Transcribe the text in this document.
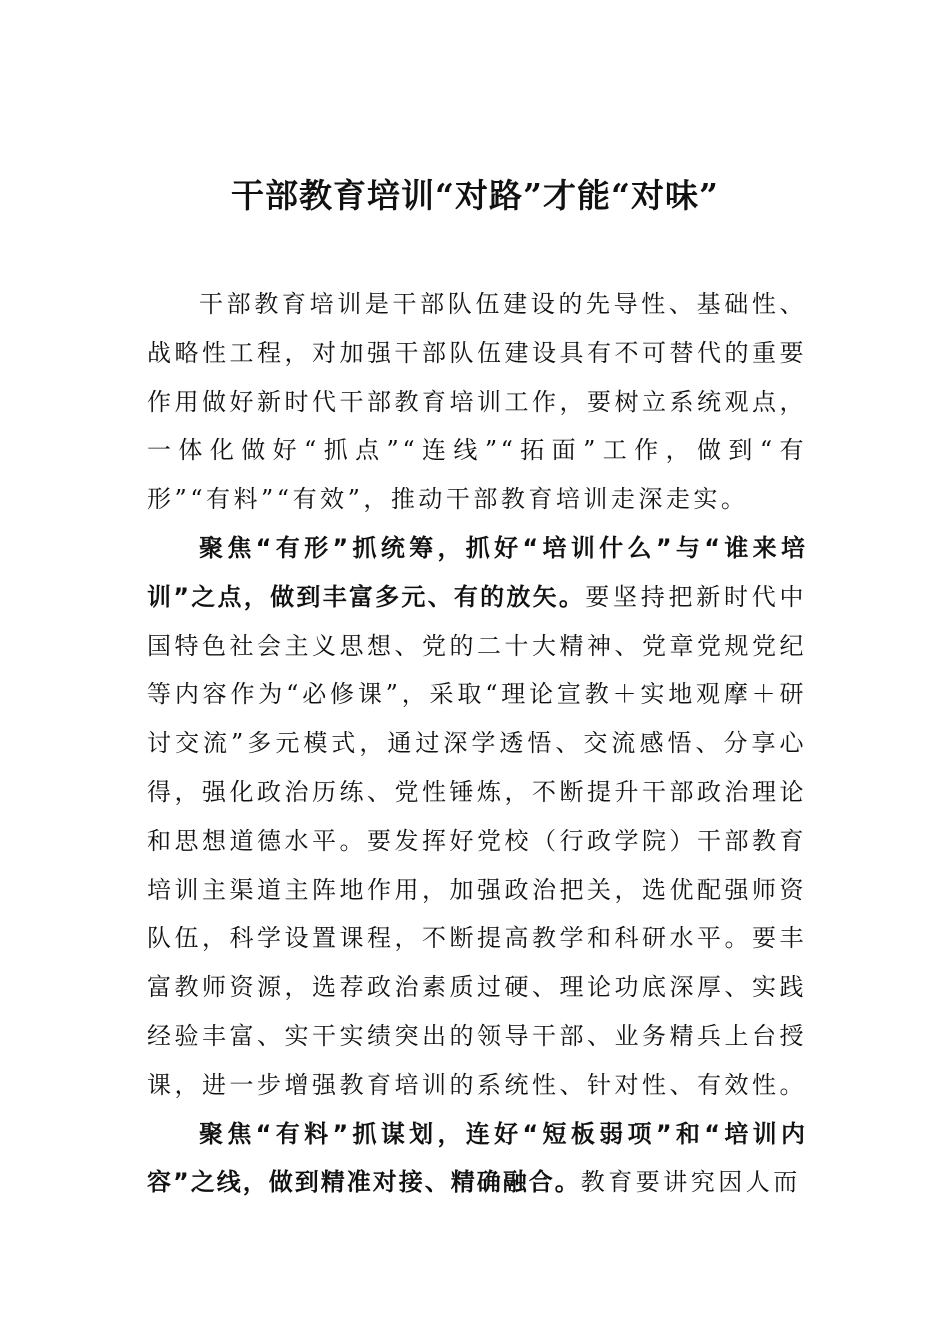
干部教育培训“对路”才能“对味”

干部教育培训是干部队伍建设的先导性、基础性、战略性工程，对加强干部队伍建设具有不可替代的重要作用做好新时代干部教育培训工作，要树立系统观点，一体化做好“抓点”“连线”“拓面”工作，做到“有形”“有料”“有效”，推动干部教育培训走深走实。

聚焦“有形”抓统筹，抓好“培训什么”与“谁来培训”之点，做到丰富多元、有的放矢。要坚持把新时代中国特色社会主义思想、党的二十大精神、党章党规党纪等内容作为“必修课”，采取“理论宣教＋实地观摩＋研讨交流”多元模式，通过深学透悟、交流感悟、分享心得，强化政治历练、党性锤炼，不断提升干部政治理论和思想道德水平。要发挥好党校（行政学院）干部教育培训主渠道主阵地作用，加强政治把关，选优配强师资队伍，科学设置课程，不断提高教学和科研水平。要丰富教师资源，选荐政治素质过硬、理论功底深厚、实践经验丰富、实干实绩突出的领导干部、业务精兵上台授课，进一步增强教育培训的系统性、针对性、有效性。

聚焦“有料”抓谋划，连好“短板弱项”和“培训内容”之线，做到精准对接、精确融合。教育要讲究因人而
